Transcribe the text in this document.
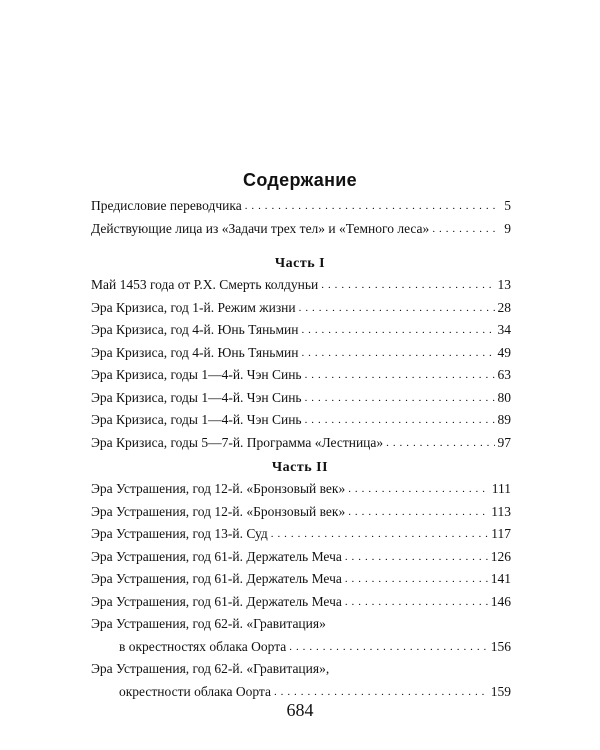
Содержание
Предисловие переводчика . . .	5
Действующие лица из «Задачи трех тел» и «Темного леса» . . .	9
Часть I
Май 1453 года от Р.Х. Смерть колдуньи . . .	13
Эра Кризиса, год 1-й. Режим жизни . . .	28
Эра Кризиса, год 4-й. Юнь Тяньмин . . .	34
Эра Кризиса, год 4-й. Юнь Тяньмин . . .	49
Эра Кризиса, годы 1—4-й. Чэн Синь . . .	63
Эра Кризиса, годы 1—4-й. Чэн Синь . . .	80
Эра Кризиса, годы 1—4-й. Чэн Синь . . .	89
Эра Кризиса, годы 5—7-й. Программа «Лестница» . . .	97
Часть II
Эра Устрашения, год 12-й. «Бронзовый век» . . .	111
Эра Устрашения, год 12-й. «Бронзовый век» . . .	113
Эра Устрашения, год 13-й. Суд . . .	117
Эра Устрашения, год 61-й. Держатель Меча . . .	126
Эра Устрашения, год 61-й. Держатель Меча . . .	141
Эра Устрашения, год 61-й. Держатель Меча . . .	146
Эра Устрашения, год 62-й. «Гравитация»
в окрестностях облака Оорта . . .	156
Эра Устрашения, год 62-й. «Гравитация»,
окрестности облака Оорта . . .	159
684
